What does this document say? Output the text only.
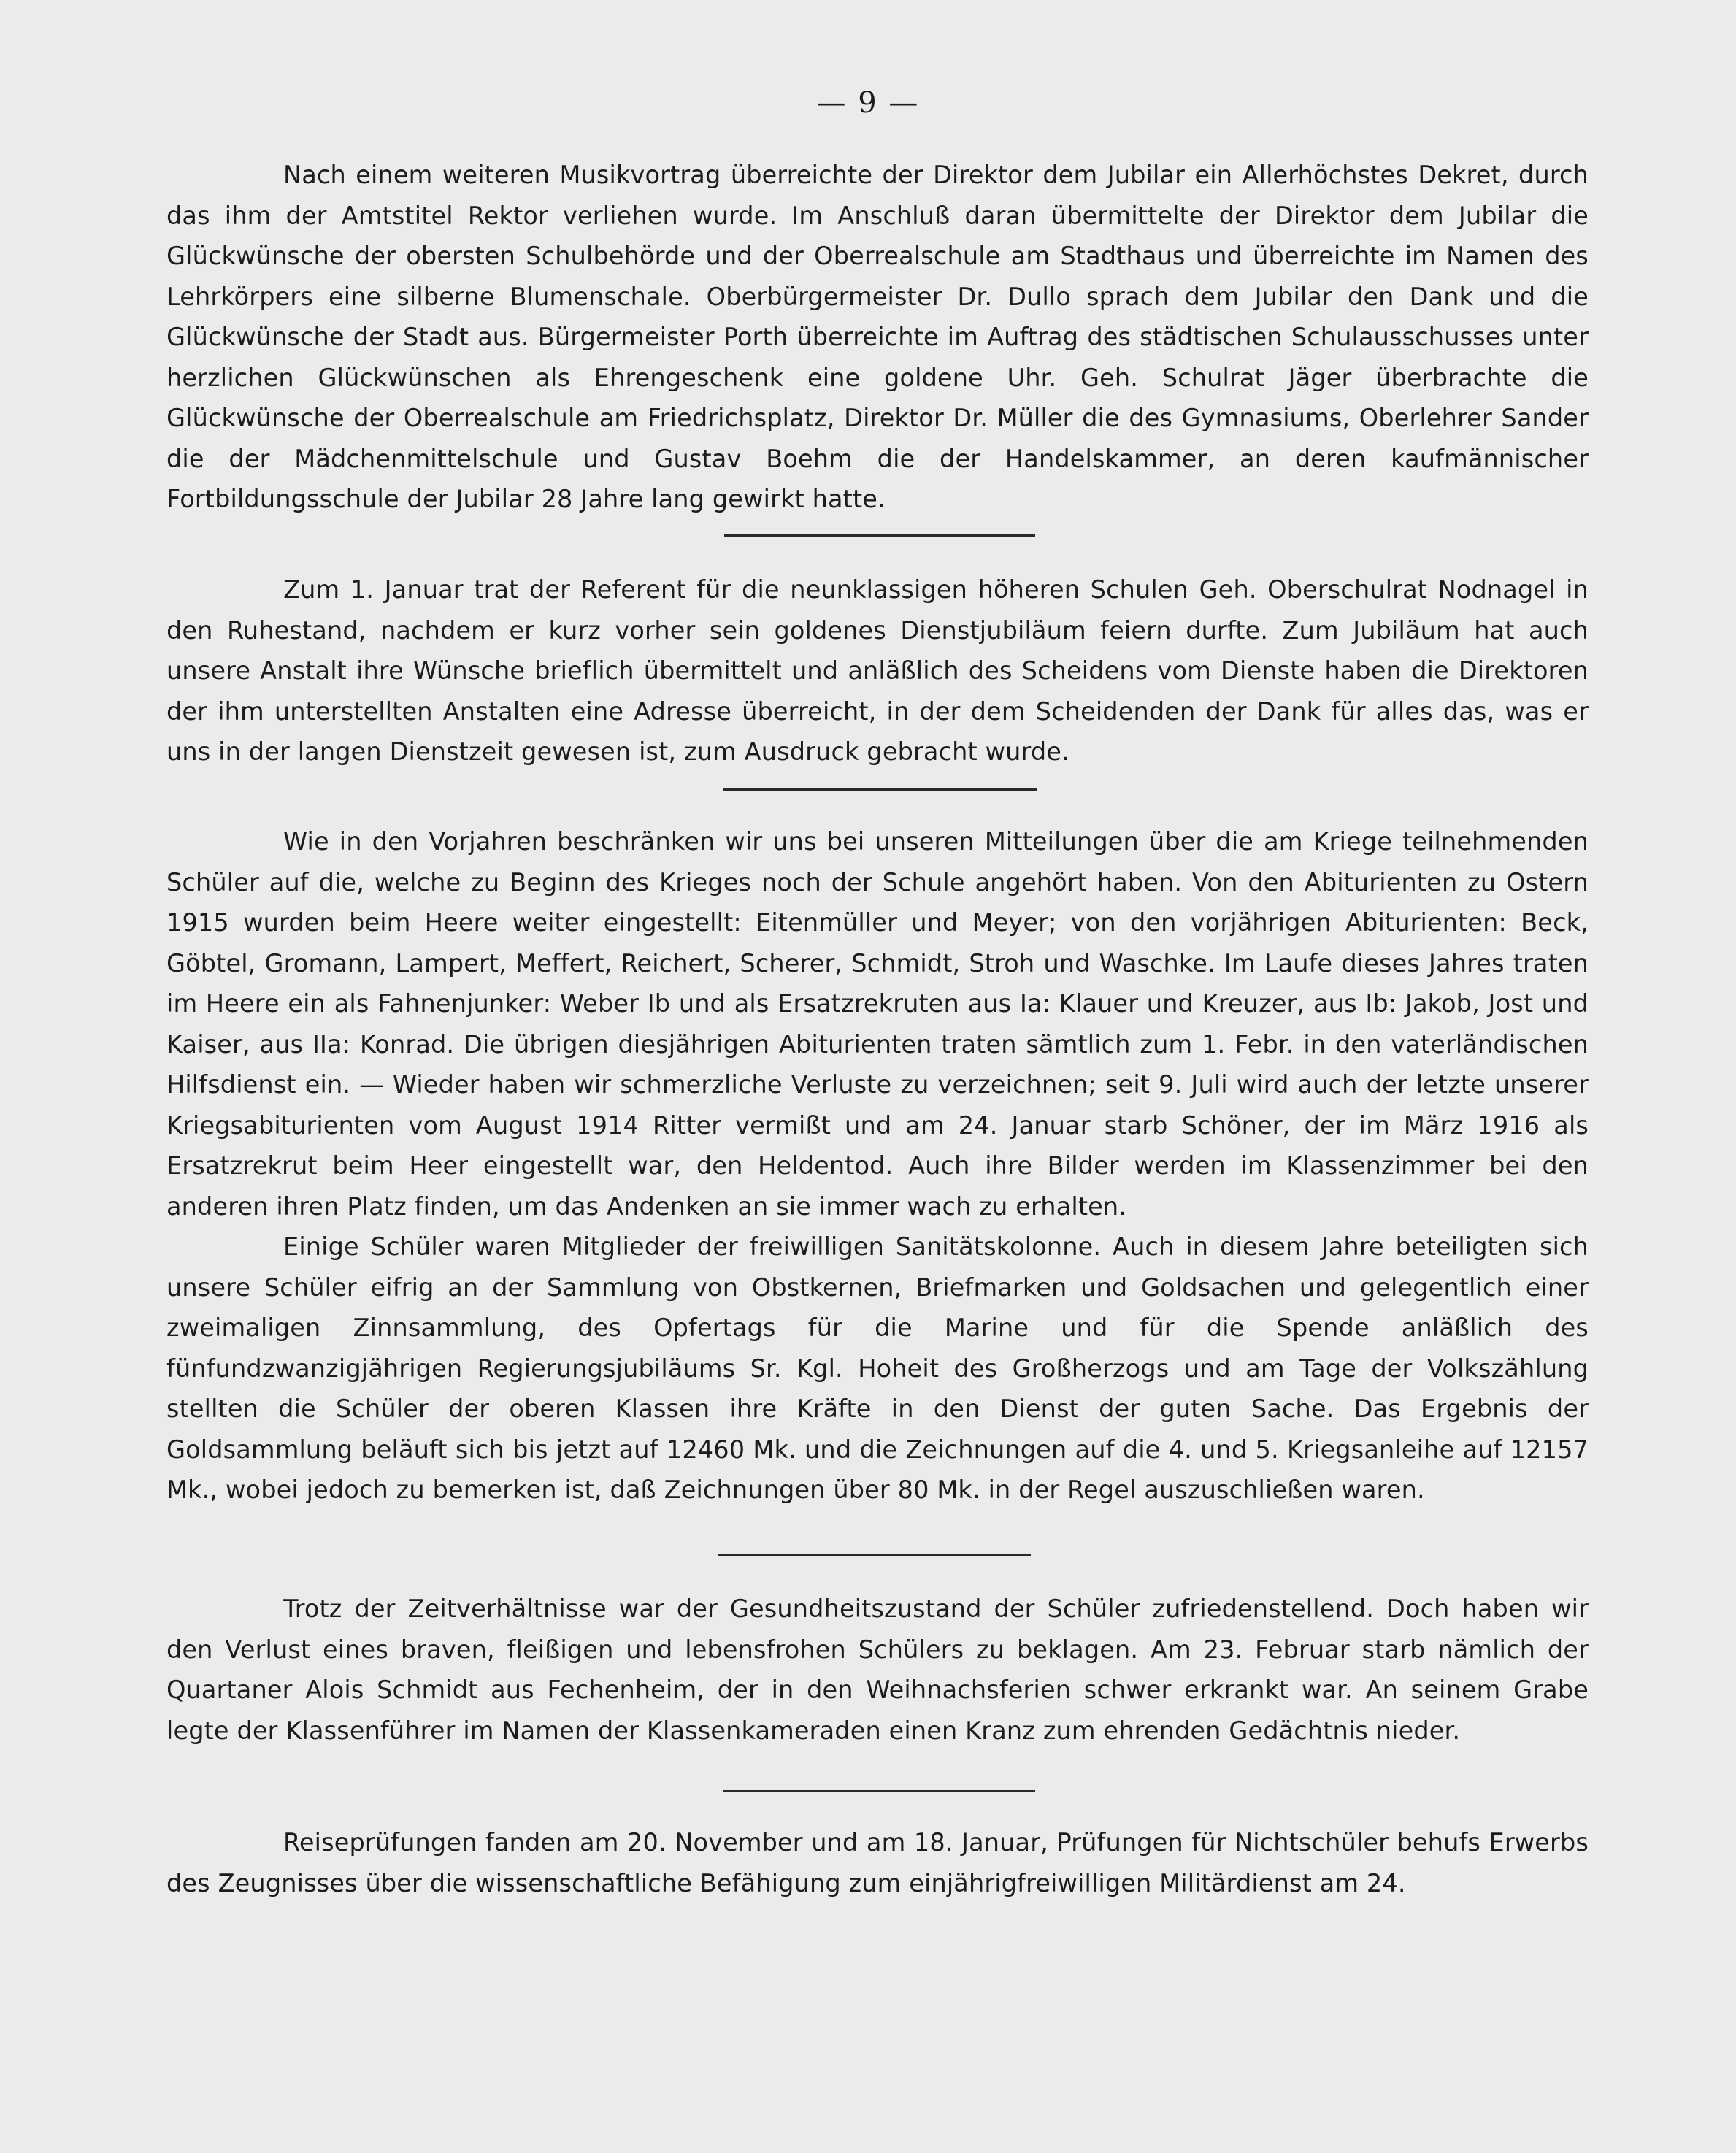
— 9 —

Nach einem weiteren Musikvortrag überreichte der Direktor dem Jubilar ein Allerhöchstes Dekret, durch das ihm der Amtstitel Rektor verliehen wurde. Im Anschluß daran übermittelte der Direktor dem Jubilar die Glückwünsche der obersten Schulbehörde und der Oberrealschule am Stadthaus und überreichte im Namen des Lehrkörpers eine silberne Blumenschale. Oberbürgermeister Dr. Dullo sprach dem Jubilar den Dank und die Glückwünsche der Stadt aus. Bürgermeister Porth überreichte im Auftrag des städtischen Schulausschusses unter herzlichen Glückwünschen als Ehrengeschenk eine goldene Uhr. Geh. Schulrat Jäger überbrachte die Glückwünsche der Oberrealschule am Friedrichsplatz, Direktor Dr. Müller die des Gymnasiums, Oberlehrer Sander die der Mädchenmittelschule und Gustav Boehm die der Handelskammer, an deren kaufmännischer Fortbildungsschule der Jubilar 28 Jahre lang gewirkt hatte.

Zum 1. Januar trat der Referent für die neunklassigen höheren Schulen Geh. Oberschulrat Nodnagel in den Ruhestand, nachdem er kurz vorher sein goldenes Dienstjubiläum feiern durfte. Zum Jubiläum hat auch unsere Anstalt ihre Wünsche brieflich übermittelt und anläßlich des Scheidens vom Dienste haben die Direktoren der ihm unterstellten Anstalten eine Adresse überreicht, in der dem Scheidenden der Dank für alles das, was er uns in der langen Dienstzeit gewesen ist, zum Ausdruck gebracht wurde.

Wie in den Vorjahren beschränken wir uns bei unseren Mitteilungen über die am Kriege teilnehmenden Schüler auf die, welche zu Beginn des Krieges noch der Schule angehört haben. Von den Abiturienten zu Ostern 1915 wurden beim Heere weiter eingestellt: Eitenmüller und Meyer; von den vorjährigen Abiturienten: Beck, Göbtel, Gromann, Lampert, Meffert, Reichert, Scherer, Schmidt, Stroh und Waschke. Im Laufe dieses Jahres traten im Heere ein als Fahnenjunker: Weber Ib und als Ersatzrekruten aus Ia: Klauer und Kreuzer, aus Ib: Jakob, Jost und Kaiser, aus IIa: Konrad. Die übrigen diesjährigen Abiturienten traten sämtlich zum 1. Febr. in den vaterländischen Hilfsdienst ein. — Wieder haben wir schmerzliche Verluste zu verzeichnen; seit 9. Juli wird auch der letzte unserer Kriegsabiturienten vom August 1914 Ritter vermißt und am 24. Januar starb Schöner, der im März 1916 als Ersatzrekrut beim Heer eingestellt war, den Heldentod. Auch ihre Bilder werden im Klassenzimmer bei den anderen ihren Platz finden, um das Andenken an sie immer wach zu erhalten.

Einige Schüler waren Mitglieder der freiwilligen Sanitätskolonne. Auch in diesem Jahre beteiligten sich unsere Schüler eifrig an der Sammlung von Obstkernen, Briefmarken und Goldsachen und gelegentlich einer zweimaligen Zinnsammlung, des Opfertags für die Marine und für die Spende anläßlich des fünfundzwanzigjährigen Regierungsjubiläums Sr. Kgl. Hoheit des Großherzogs und am Tage der Volkszählung stellten die Schüler der oberen Klassen ihre Kräfte in den Dienst der guten Sache. Das Ergebnis der Goldsammlung beläuft sich bis jetzt auf 12460 Mk. und die Zeichnungen auf die 4. und 5. Kriegsanleihe auf 12157 Mk., wobei jedoch zu bemerken ist, daß Zeichnungen über 80 Mk. in der Regel auszuschließen waren.

Trotz der Zeitverhältnisse war der Gesundheitszustand der Schüler zufriedenstellend. Doch haben wir den Verlust eines braven, fleißigen und lebensfrohen Schülers zu beklagen. Am 23. Februar starb nämlich der Quartaner Alois Schmidt aus Fechenheim, der in den Weihnachsferien schwer erkrankt war. An seinem Grabe legte der Klassenführer im Namen der Klassenkameraden einen Kranz zum ehrenden Gedächtnis nieder.

Reiseprüfungen fanden am 20. November und am 18. Januar, Prüfungen für Nichtschüler behufs Erwerbs des Zeugnisses über die wissenschaftliche Befähigung zum einjährigfreiwilligen Militärdienst am 24.
